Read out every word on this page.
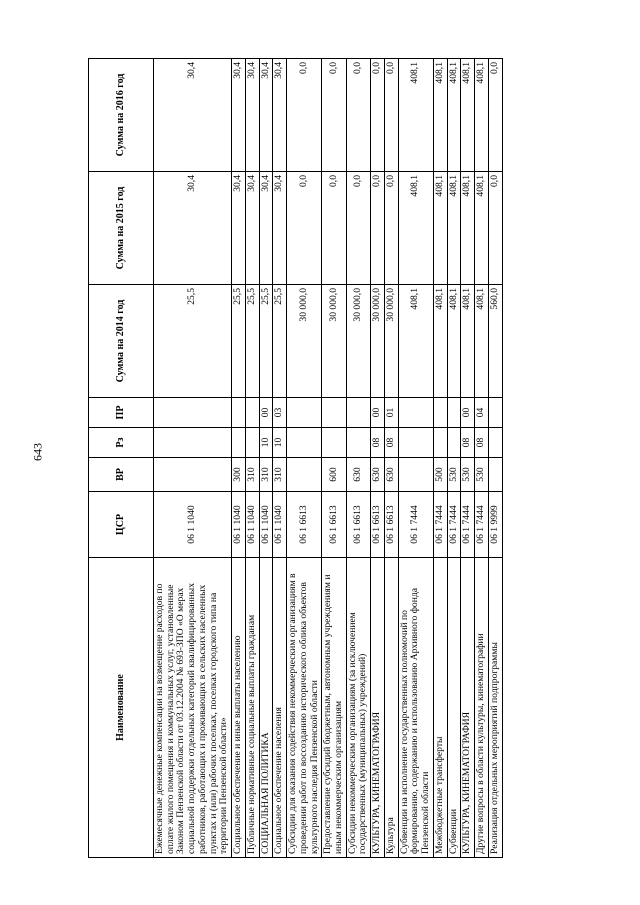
643
Наименование	ЦСР	ВР	Рз	ПР	Сумма на 2014 год	Сумма на 2015 год	Сумма на 2016 год
Ежемесячные денежные компенсации на возмещение расходов по оплате жилого помещения и коммунальных услуг, установленные Законом Пензенской области от 03.12.2004 № 693-ЗПО «О мерах социальной поддержки отдельных категорий квалифицированных работников, работающих и проживающих в сельских населенных пунктах и (или) рабочих поселках, поселках городского типа на территории Пензенской области»	06 1 1040				25,5	30,4	30,4
Социальное обеспечение и иные выплаты населению	06 1 1040	300			25,5	30,4	30,4
Публичные нормативные социальные выплаты гражданам	06 1 1040	310			25,5	30,4	30,4
СОЦИАЛЬНАЯ ПОЛИТИКА	06 1 1040	310	10	00	25,5	30,4	30,4
Социальное обеспечение населения	06 1 1040	310	10	03	25,5	30,4	30,4
Субсидии для оказания содействия некоммерческим организациям в проведении работ по воссозданию исторического облика объектов культурного наследия Пензенской области	06 1 6613				30 000,0	0,0	0,0
Предоставление субсидий бюджетным, автономным учреждениям и иным некоммерческим организациям	06 1 6613	600			30 000,0	0,0	0,0
Субсидии некоммерческим организациям (за исключением государственных (муниципальных) учреждений)	06 1 6613	630			30 000,0	0,0	0,0
КУЛЬТУРА, КИНЕМАТОГРАФИЯ	06 1 6613	630	08	00	30 000,0	0,0	0,0
Культура	06 1 6613	630	08	01	30 000,0	0,0	0,0
Субвенции на исполнение государственных полномочий по формированию, содержанию и использованию Архивного фонда Пензенской области	06 1 7444				408,1	408,1	408,1
Межбюджетные трансферты	06 1 7444	500			408,1	408,1	408,1
Субвенции	06 1 7444	530			408,1	408,1	408,1
КУЛЬТУРА, КИНЕМАТОГРАФИЯ	06 1 7444	530	08	00	408,1	408,1	408,1
Другие вопросы в области культуры, кинематографии	06 1 7444	530	08	04	408,1	408,1	408,1
Реализация отдельных мероприятий подпрограммы	06 1 9999				560,0	0,0	0,0
